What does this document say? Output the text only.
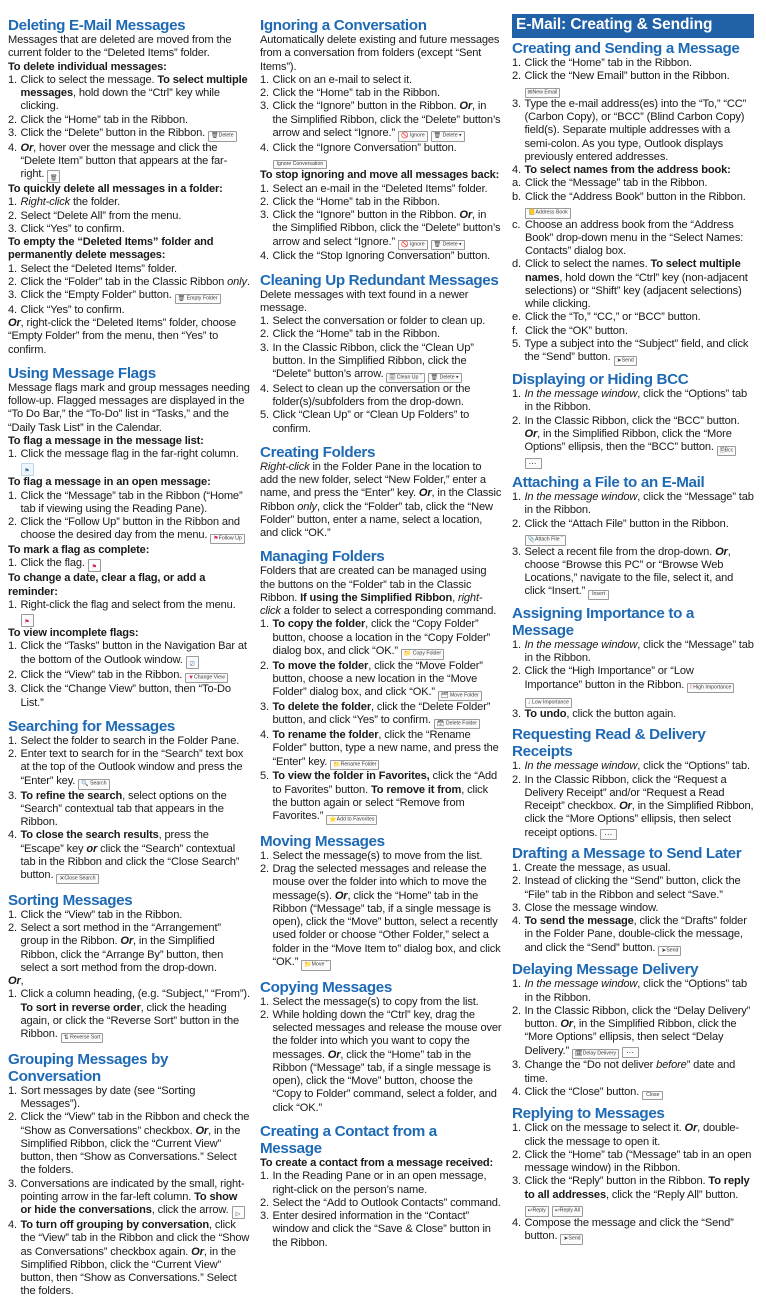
Deleting E-Mail Messages

Messages that are deleted are moved from the current folder to the “Deleted Items” folder.

To delete individual messages:

1. Click to select the message. To select multiple messages, hold down the “Ctrl” key while clicking.
2. Click the “Home” tab in the Ribbon.
3. Click the “Delete” button in the Ribbon. 🗑Delete
4. Or, hover over the message and click the “Delete Item” button that appears at the far-right. 🗑

To quickly delete all messages in a folder:

1. Right-click the folder.
2. Select “Delete All” from the menu.
3. Click “Yes” to confirm.

To empty the “Deleted Items” folder and permanently delete messages:

1. Select the “Deleted Items” folder.
2. Click the “Folder” tab in the Classic Ribbon only.
3. Click the “Empty Folder” button. 🗑 Empty Folder
4. Click “Yes” to confirm.

Or, right-click the “Deleted Items” folder, choose “Empty Folder” from the menu, then “Yes” to confirm.

Using Message Flags

Message flags mark and group messages needing follow-up. Flagged messages are displayed in the “To Do Bar,” the “To-Do” list in “Tasks,” and the “Daily Task List” in the Calendar.

To flag a message in the message list:

1. Click the message flag in the far-right column. ⚑

To flag a message in an open message:

1. Click the “Message” tab in the Ribbon (“Home” tab if viewing using the Reading Pane).
2. Click the “Follow Up” button in the Ribbon and choose the desired day from the menu. ⚑Follow Up

To mark a flag as complete:

1. Click the flag. ⚑

To change a date, clear a flag, or add a reminder:

1. Right-click the flag and select from the menu. ⚑

To view incomplete flags:

1. Click the “Tasks” button in the Navigation Bar at the bottom of the Outlook window. ☑
2. Click the “View” tab in the Ribbon. ▼Change View
3. Click the “Change View” button, then “To-Do List.”
Searching for Messages
1. Select the folder to search in the Folder Pane.
2. Enter text to search for in the “Search” text box at the top of the Outlook window and press the “Enter” key. 🔍 Search
3. To refine the search, select options on the “Search” contextual tab that appears in the Ribbon.
4. To close the search results, press the “Escape” key or click the “Search” contextual tab in the Ribbon and click the “Close Search” button. ✕Close Search
Sorting Messages
1. Click the “View” tab in the Ribbon.
2. Select a sort method in the “Arrangement” group in the Ribbon. Or, in the Simplified Ribbon, click the “Arrange By” button, then select a sort method from the drop-down.

Or,

1. Click a column heading, (e.g. “Subject,” “From”). To sort in reverse order, click the heading again, or click the “Reverse Sort” button in the Ribbon. ⇅ Reverse Sort
Grouping Messages by Conversation
1. Sort messages by date (see “Sorting Messages”).
2. Click the “View” tab in the Ribbon and check the “Show as Conversations” checkbox. Or, in the Simplified Ribbon, click the “Current View” button, then “Show as Conversations.” Select the folders.
3. Conversations are indicated by the small, right-pointing arrow in the far-left column. To show or hide the conversations, click the arrow. ▷
4. To turn off grouping by conversation, click the “View” tab in the Ribbon and click the “Show as Conversations” checkbox again. Or, in the Simplified Ribbon, click the “Current View” button, then “Show as Conversations.” Select the folders.
Ignoring a Conversation

Automatically delete existing and future messages from a conversation from folders (except “Sent Items”).

1. Click on an e-mail to select it.
2. Click the “Home” tab in the Ribbon.
3. Click the “Ignore” button in the Ribbon. Or, in the Simplified Ribbon, click the “Delete” button’s arrow and select “Ignore.” 🚫 Ignore 🗑 Delete ▾
4. Click the “Ignore Conversation” button. Ignore Conversation

To stop ignoring and move all messages back:

1. Select an e-mail in the “Deleted Items” folder.
2. Click the “Home” tab in the Ribbon.
3. Click the “Ignore” button in the Ribbon. Or, in the Simplified Ribbon, click the “Delete” button’s arrow and select “Ignore.” 🚫 Ignore 🗑 Delete ▾
4. Click the “Stop Ignoring Conversation” button.
Cleaning Up Redundant Messages

Delete messages with text found in a newer message.

1. Select the conversation or folder to clean up.
2. Click the “Home” tab in the Ribbon.
3. In the Classic Ribbon, click the “Clean Up” button. In the Simplified Ribbon, click the “Delete” button’s arrow. 🗐 Clean Up ˇ 🗑 Delete ▾
4. Select to clean up the conversation or the folder(s)/subfolders from the drop-down.
5. Click “Clean Up” or “Clean Up Folders” to confirm.
Creating Folders

Right-click in the Folder Pane in the location to add the new folder, select “New Folder,” enter a name, and press the “Enter” key. Or, in the Classic Ribbon only, click the “Folder” tab, click the “New Folder” button, enter a name, select a location, and click “OK.”

Managing Folders

Folders that are created can be managed using the buttons on the “Folder” tab in the Classic Ribbon. If using the Simplified Ribbon, right-click a folder to select a corresponding command.

1. To copy the folder, click the “Copy Folder” button, choose a location in the “Copy Folder” dialog box, and click “OK.” 📁 Copy Folder
2. To move the folder, click the “Move Folder” button, choose a new location in the “Move Folder” dialog box, and click “OK.” 🗂 Move Folder
3. To delete the folder, click the “Delete Folder” button, and click “Yes” to confirm. 🗃 Delete Folder
4. To rename the folder, click the “Rename Folder” button, type a new name, and press the “Enter” key. 📁Rename Folder
5. To view the folder in Favorites, click the “Add to Favorites” button. To remove it from, click the button again or select “Remove from Favorites.” ⭐Add to Favorites
Moving Messages
1. Select the message(s) to move from the list.
2. Drag the selected messages and release the mouse over the folder into which to move the message(s). Or, click the “Home” tab in the Ribbon (“Message” tab, if a single message is open), click the “Move” button, select a recently used folder or choose “Other Folder,” select a folder in the “Move Item to” dialog box, and click “OK.” 📁Move ˇ
Copying Messages
1. Select the message(s) to copy from the list.
2. While holding down the “Ctrl” key, drag the selected messages and release the mouse over the folder into which you want to copy the messages. Or, click the “Home” tab in the Ribbon (“Message” tab, if a single message is open), click the “Move” button, choose the “Copy to Folder” command, select a folder, and click “OK.”
Creating a Contact from a Message

To create a contact from a message received:

1. In the Reading Pane or in an open message, right-click on the person’s name.
2. Select the “Add to Outlook Contacts” command.
3. Enter desired information in the “Contact” window and click the “Save & Close” button in the Ribbon.
E-Mail: Creating & Sending
Creating and Sending a Message
1. Click the “Home” tab in the Ribbon.
2. Click the “New Email” button in the Ribbon. ✉New Email
3. Type the e-mail address(es) into the “To,” “CC” (Carbon Copy), or “BCC” (Blind Carbon Copy) field(s). Separate multiple addresses with a semi-colon. As you type, Outlook displays previously entered addresses.
4. To select names from the address book:
a. Click the “Message” tab in the Ribbon.
b. Click the “Address Book” button in the Ribbon. 📒Address Book
c. Choose an address book from the “Address Book” drop-down menu in the “Select Names: Contacts” dialog box.
d. Click to select the names. To select multiple names, hold down the “Ctrl” key (non-adjacent selections) or “Shift” key (adjacent selections) while clicking.
e. Click the “To,” “CC,” or “BCC” button.
f. Click the “OK” button.
5. Type a subject into the “Subject” field, and click the “Send” button. ➤Send
Displaying or Hiding BCC
1. In the message window, click the “Options” tab in the Ribbon.
2. In the Classic Ribbon, click the “BCC” button. Or, in the Simplified Ribbon, click the “More Options” ellipsis, then the “BCC” button. 🗎Bcc ⋯
Attaching a File to an E-Mail
1. In the message window, click the “Message” tab in the Ribbon.
2. Click the “Attach File” button in the Ribbon. 📎Attach File ˇ
3. Select a recent file from the drop-down. Or, choose “Browse this PC” or “Browse Web Locations,” navigate to the file, select it, and click “Insert.” Insert
Assigning Importance to a Message
1. In the message window, click the “Message” tab in the Ribbon.
2. Click the “High Importance” or “Low Importance” button in the Ribbon. ! High Importance ↓ Low Importance
3. To undo, click the button again.
Requesting Read & Delivery Receipts
1. In the message window, click the “Options” tab.
2. In the Classic Ribbon, click the “Request a Delivery Receipt” and/or “Request a Read Receipt” checkbox. Or, in the Simplified Ribbon, click the “More Options” ellipsis, then select receipt options. ⋯
Drafting a Message to Send Later
1. Create the message, as usual.
2. Instead of clicking the “Send” button, click the “File” tab in the Ribbon and select “Save.”
3. Close the message window.
4. To send the message, click the “Drafts” folder in the Folder Pane, double-click the message, and click the “Send” button. ➤Send
Delaying Message Delivery
1. In the message window, click the “Options” tab in the Ribbon.
2. In the Classic Ribbon, click the “Delay Delivery” button. Or, in the Simplified Ribbon, click the “More Options” ellipsis, then select “Delay Delivery.” 🗓Delay Delivery ⋯
3. Change the “Do not deliver before” date and time.
4. Click the “Close” button. Close
Replying to Messages
1. Click on the message to select it. Or, double-click the message to open it.
2. Click the “Home” tab (“Message” tab in an open message window) in the Ribbon.
3. Click the “Reply” button in the Ribbon. To reply to all addresses, click the “Reply All” button. ↩Reply ↩Reply All
4. Compose the message and click the “Send” button. ➤Send
